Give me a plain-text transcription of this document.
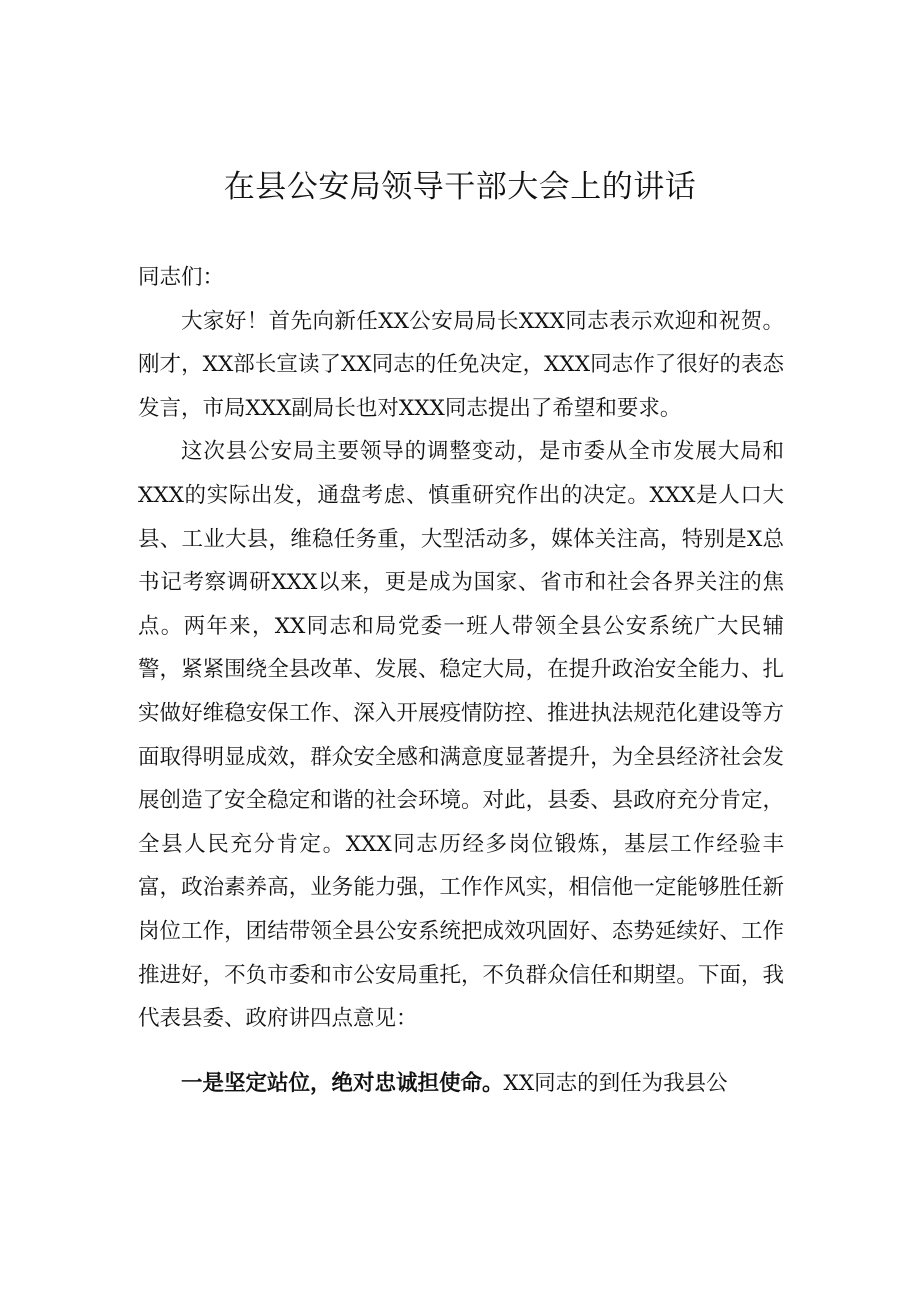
在县公安局领导干部大会上的讲话

同志们：

大家好！首先向新任XX公安局局长XXX同志表示欢迎和祝贺。刚才，XX部长宣读了XX同志的任免决定，XXX同志作了很好的表态发言，市局XXX副局长也对XXX同志提出了希望和要求。

这次县公安局主要领导的调整变动，是市委从全市发展大局和XXX的实际出发，通盘考虑、慎重研究作出的决定。XXX是人口大县、工业大县，维稳任务重，大型活动多，媒体关注高，特别是X总书记考察调研XXX以来，更是成为国家、省市和社会各界关注的焦点。两年来，XX同志和局党委一班人带领全县公安系统广大民辅警，紧紧围绕全县改革、发展、稳定大局，在提升政治安全能力、扎实做好维稳安保工作、深入开展疫情防控、推进执法规范化建设等方面取得明显成效，群众安全感和满意度显著提升，为全县经济社会发展创造了安全稳定和谐的社会环境。对此，县委、县政府充分肯定，全县人民充分肯定。XXX同志历经多岗位锻炼，基层工作经验丰富，政治素养高，业务能力强，工作作风实，相信他一定能够胜任新岗位工作，团结带领全县公安系统把成效巩固好、态势延续好、工作推进好，不负市委和市公安局重托，不负群众信任和期望。下面，我代表县委、政府讲四点意见：

一是坚定站位，绝对忠诚担使命。XX同志的到任为我县公
